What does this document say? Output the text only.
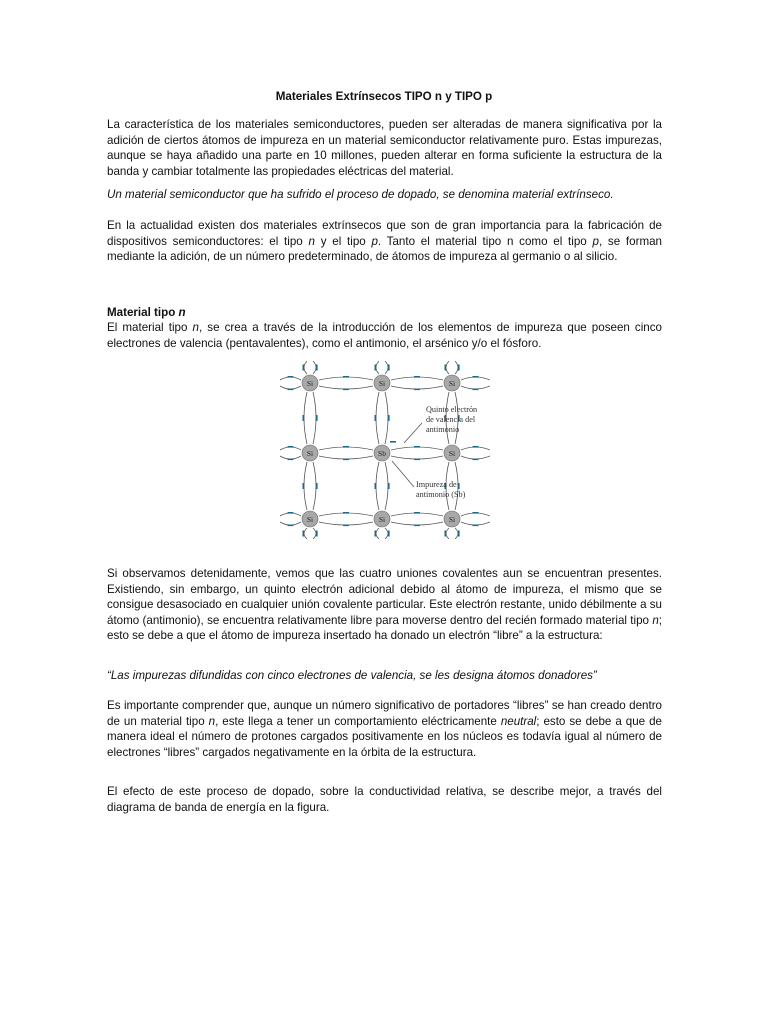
Materiales Extrínsecos TIPO n y TIPO p

La característica de los materiales semiconductores, pueden ser alteradas de manera significativa por la adición de ciertos átomos de impureza en un material semiconductor relativamente puro. Estas impurezas, aunque se haya añadido una parte en 10 millones, pueden alterar en forma suficiente la estructura de la banda y cambiar totalmente las propiedades eléctricas del material.

Un material semiconductor que ha sufrido el proceso de dopado, se denomina material extrínseco.

En la actualidad existen dos materiales extrínsecos que son de gran importancia para la fabricación de dispositivos semiconductores: el tipo n y el tipo p. Tanto el material tipo n como el tipo p, se forman mediante la adición, de un número predeterminado, de átomos de impureza al germanio o al silicio.

Material tipo n

El material tipo n, se crea a través de la introducción de los elementos de impureza que poseen cinco electrones de valencia (pentavalentes), como el antimonio, el arsénico y/o el fósforo.

Si	Si	Si
Si	Sb	Si
Si	Si	Si
Quinto electrón
de valencia del
antimonio
Impureza de
antimonio (Sb)

Si observamos detenidamente, vemos que las cuatro uniones covalentes aun se encuentran presentes. Existiendo, sin embargo, un quinto electrón adicional debido al átomo de impureza, el mismo que se consigue desasociado en cualquier unión covalente particular. Este electrón restante, unido débilmente a su átomo (antimonio), se encuentra relativamente libre para moverse dentro del recién formado material tipo n; esto se debe a que el átomo de impureza insertado ha donado un electrón “libre” a la estructura:

“Las impurezas difundidas con cinco electrones de valencia, se les designa átomos donadores”

Es importante comprender que, aunque un número significativo de portadores “libres” se han creado dentro de un material tipo n, este llega a tener un comportamiento eléctricamente neutral; esto se debe a que de manera ideal el número de protones cargados positivamente en los núcleos es todavía igual al número de electrones “libres” cargados negativamente en la órbita de la estructura.

El efecto de este proceso de dopado, sobre la conductividad relativa, se describe mejor, a través del diagrama de banda de energía en la figura.
